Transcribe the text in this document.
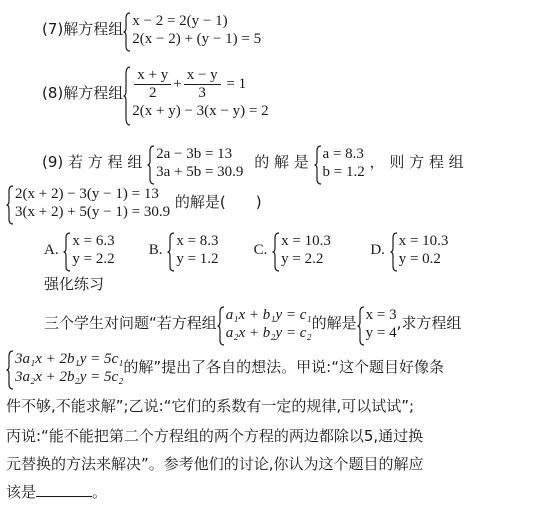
(7)解方程组 x − 2 = 2(y − 1)
2(x − 2) + (y − 1) = 5
(8)解方程组 $\frac{x + y}{2} + \frac{x - y}{3} = 1$
2(x + y) − 3(x − y) = 2
(9) 若 方 程 组 2a − 3b = 13
3a + 5b = 30.9
的 解 是 a = 8.3
b = 1.2
， 则 方 程 组
2(x + 2) − 3(y − 1) = 13
3(x + 2) + 5(y − 1) = 30.9
的解是( )
A.
x = 6.3
y = 2.2
B.
x = 8.3
y = 1.2
C.
x = 10.3
y = 2.2
D.
x = 10.3
y = 0.2
强化练习
三个学生对问题“若方程组 a₁x + b₁y = c₁
a₂x + b₂y = c₂
的解是 x = 3
y = 4
,求方程组
3a₁x + 2b₁y = 5c₁
3a₂x + 2b₂y = 5c₂
的解”提出了各自的想法。甲说:“这个题目好像条
件不够,不能求解”;乙说:“它们的系数有一定的规律,可以试试”;
丙说:“能不能把第二个方程组的两个方程的两边都除以5,通过换
元替换的方法来解决”。参考他们的讨论,你认为这个题目的解应
该是	。
